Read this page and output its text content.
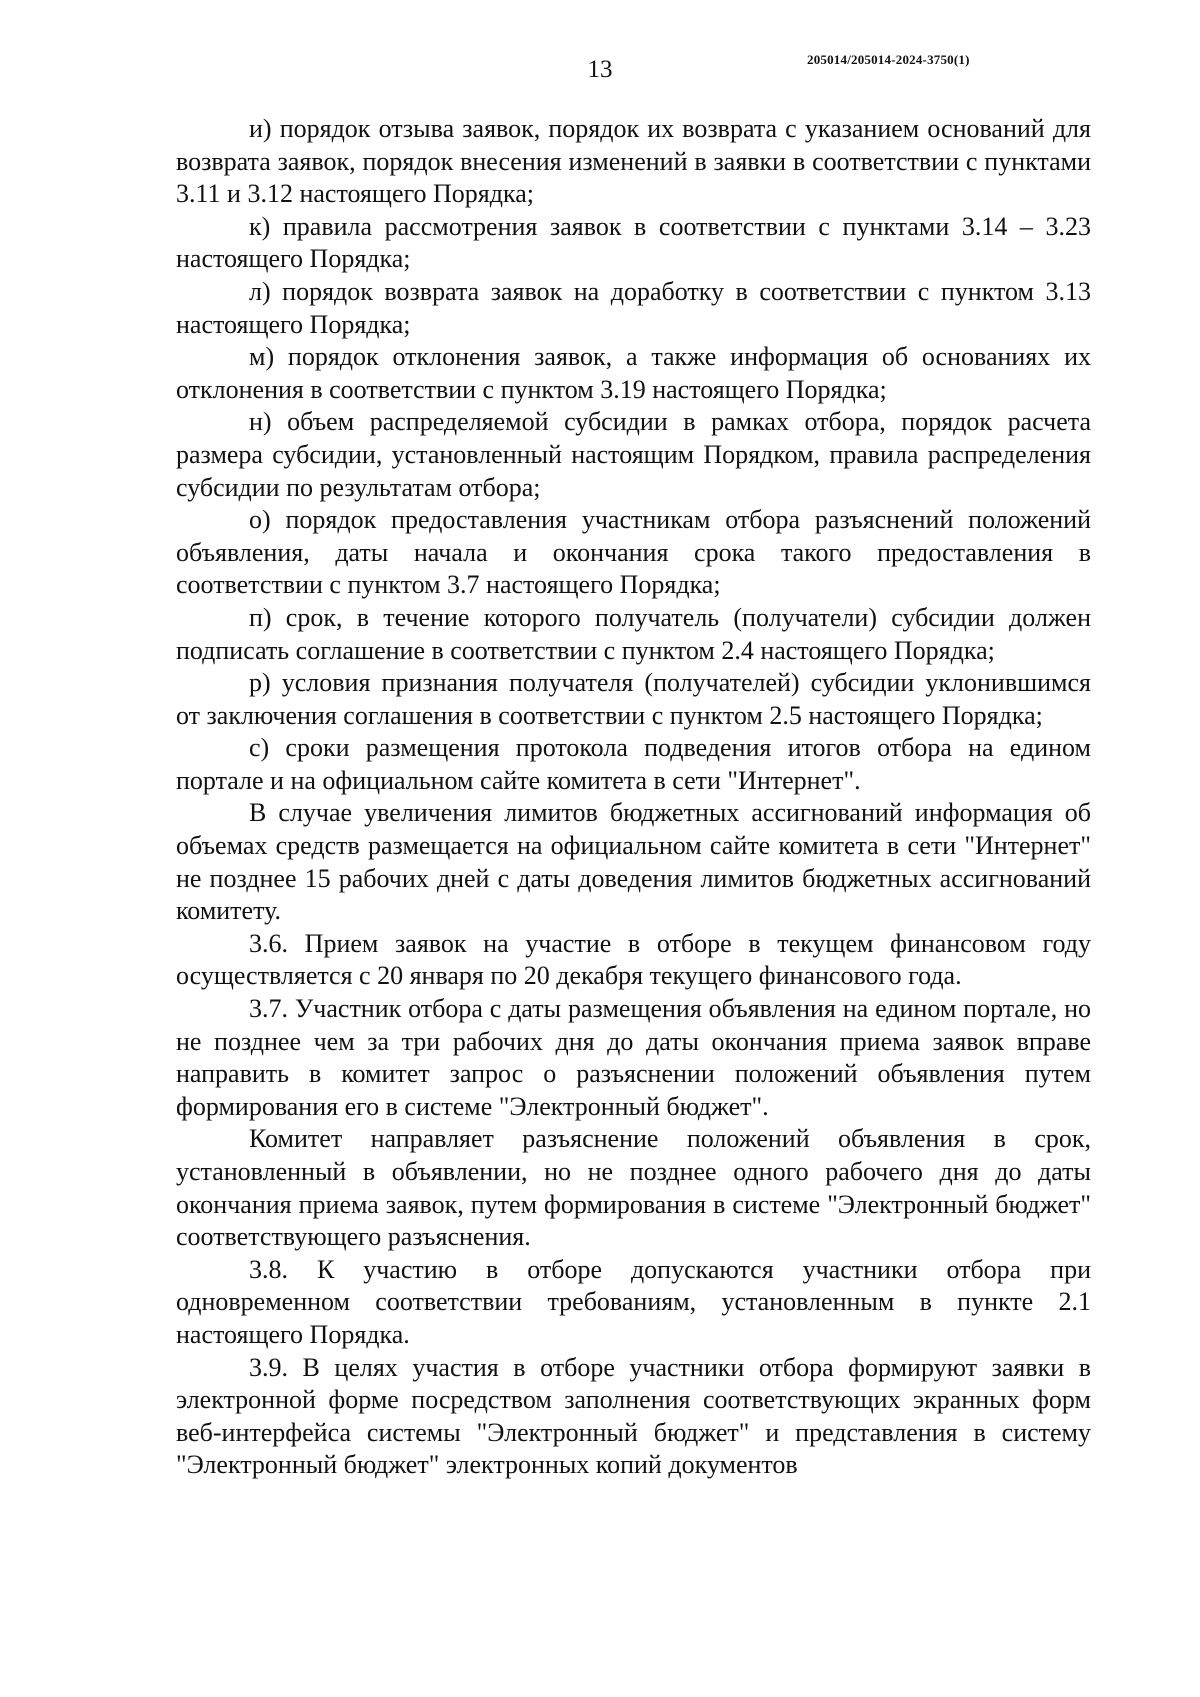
13	205014/205014-2024-3750(1)

и) порядок отзыва заявок, порядок их возврата с указанием оснований для возврата заявок, порядок внесения изменений в заявки в соответствии с пунктами 3.11 и 3.12 настоящего Порядка;

к) правила рассмотрения заявок в соответствии с пунктами 3.14 – 3.23 настоящего Порядка;

л) порядок возврата заявок на доработку в соответствии с пунктом 3.13 настоящего Порядка;

м) порядок отклонения заявок, а также информация об основаниях их отклонения в соответствии с пунктом 3.19 настоящего Порядка;

н) объем распределяемой субсидии в рамках отбора, порядок расчета размера субсидии, установленный настоящим Порядком, правила распределения субсидии по результатам отбора;

о) порядок предоставления участникам отбора разъяснений положений объявления, даты начала и окончания срока такого предоставления в соответствии с пунктом 3.7 настоящего Порядка;

п) срок, в течение которого получатель (получатели) субсидии должен подписать соглашение в соответствии с пунктом 2.4 настоящего Порядка;

р) условия признания получателя (получателей) субсидии уклонившимся от заключения соглашения в соответствии с пунктом 2.5 настоящего Порядка;

с) сроки размещения протокола подведения итогов отбора на едином портале и на официальном сайте комитета в сети "Интернет".

В случае увеличения лимитов бюджетных ассигнований информация об объемах средств размещается на официальном сайте комитета в сети "Интернет" не позднее 15 рабочих дней с даты доведения лимитов бюджетных ассигнований комитету.

3.6. Прием заявок на участие в отборе в текущем финансовом году осуществляется с 20 января по 20 декабря текущего финансового года.

3.7. Участник отбора с даты размещения объявления на едином портале, но не позднее чем за три рабочих дня до даты окончания приема заявок вправе направить в комитет запрос о разъяснении положений объявления путем формирования его в системе "Электронный бюджет".

Комитет направляет разъяснение положений объявления в срок, установленный в объявлении, но не позднее одного рабочего дня до даты окончания приема заявок, путем формирования в системе "Электронный бюджет" соответствующего разъяснения.

3.8. К участию в отборе допускаются участники отбора при одновременном соответствии требованиям, установленным в пункте 2.1 настоящего Порядка.

3.9. В целях участия в отборе участники отбора формируют заявки в электронной форме посредством заполнения соответствующих экранных форм веб-интерфейса системы "Электронный бюджет" и представления в систему "Электронный бюджет" электронных копий документов
